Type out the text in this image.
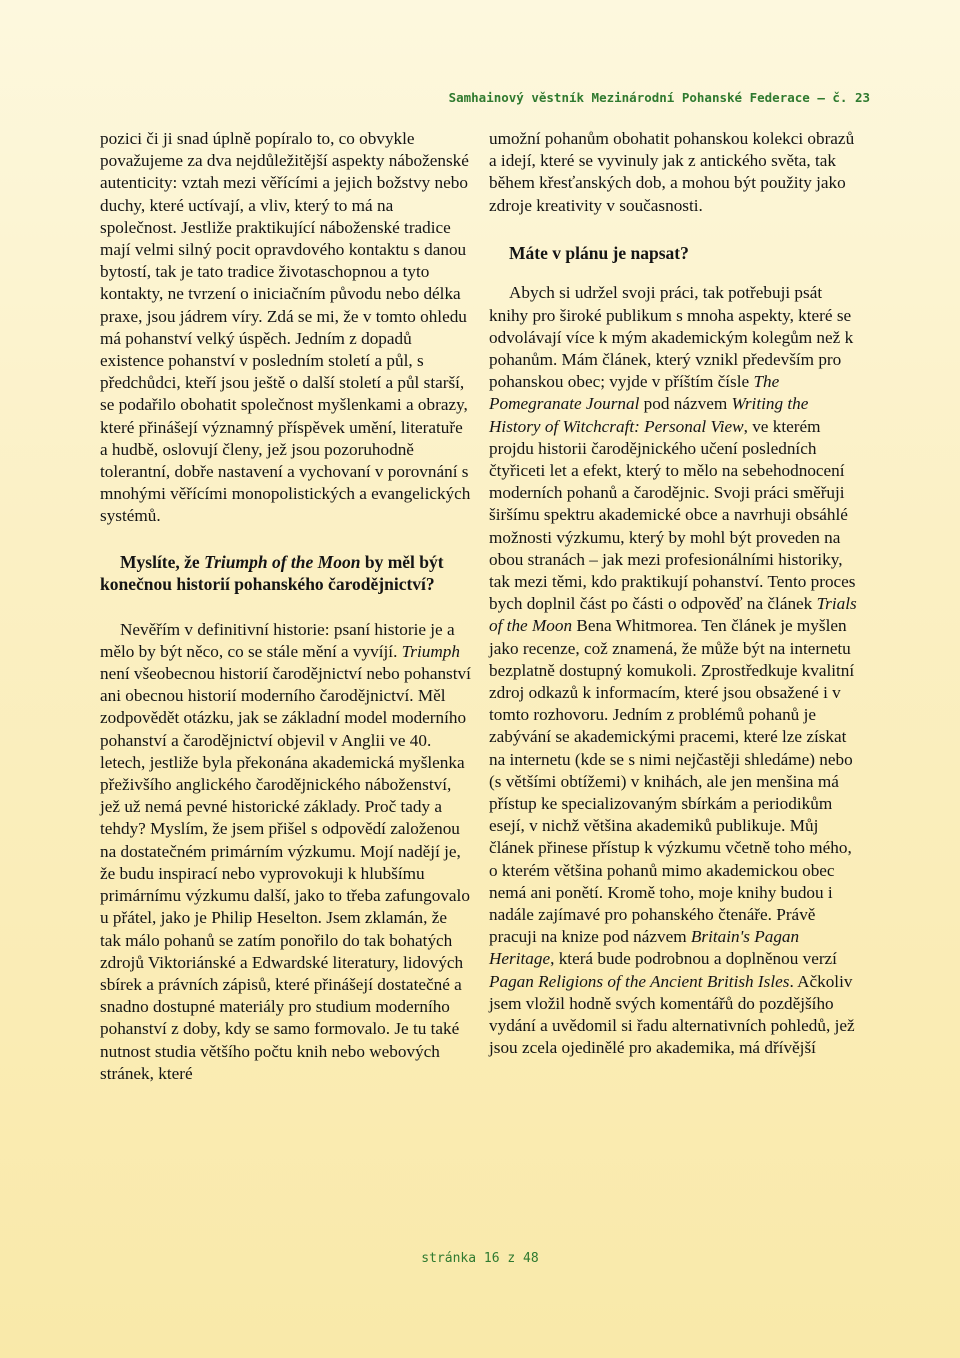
Samhainový věstník Mezinárodní Pohanské Federace – č. 23

pozici či ji snad úplně popíralo to, co obvykle považujeme za dva nejdůležitější aspekty náboženské autenticity: vztah mezi věřícími a jejich božstvy nebo duchy, které uctívají, a vliv, který to má na společnost. Jestliže praktikující náboženské tradice mají velmi silný pocit opravdového kontaktu s danou bytostí, tak je tato tradice životaschopnou a tyto kontakty, ne tvrzení o iniciačním původu nebo délka praxe, jsou jádrem víry. Zdá se mi, že v tomto ohledu má pohanství velký úspěch. Jedním z dopadů existence pohanství v posledním století a půl, s předchůdci, kteří jsou ještě o další století a půl starší, se podařilo obohatit společnost myšlenkami a obrazy, které přinášejí významný příspěvek umění, literatuře a hudbě, oslovují členy, jež jsou pozoruhodně tolerantní, dobře nastavení a vychovaní v porovnání s mnohými věřícími monopolistických a evangelických systémů.

Myslíte, že Triumph of the Moon by měl být konečnou historií pohanského čarodějnictví?

Nevěřím v definitivní historie: psaní historie je a mělo by být něco, co se stále mění a vyvíjí. Triumph není všeobecnou historií čarodějnictví nebo pohanství ani obecnou historií moderního čarodějnictví. Měl zodpovědět otázku, jak se základní model moderního pohanství a čarodějnictví objevil v Anglii ve 40. letech, jestliže byla překonána akademická myšlenka přeživšího anglického čarodějnického náboženství, jež už nemá pevné historické základy. Proč tady a tehdy? Myslím, že jsem přišel s odpovědí založenou na dostatečném primárním výzkumu. Mojí nadějí je, že budu inspirací nebo vyprovokuji k hlubšímu primárnímu výzkumu další, jako to třeba zafungovalo u přátel, jako je Philip Heselton. Jsem zklamán, že tak málo pohanů se zatím ponořilo do tak bohatých zdrojů Viktoriánské a Edwardské literatury, lidových sbírek a právních zápisů, které přinášejí dostatečné a snadno dostupné materiály pro studium moderního pohanství z doby, kdy se samo formovalo. Je tu také nutnost studia většího počtu knih nebo webových stránek, které

umožní pohanům obohatit pohanskou kolekci obrazů a idejí, které se vyvinuly jak z antického světa, tak během křesťanských dob, a mohou být použity jako zdroje kreativity v současnosti.

Máte v plánu je napsat?

Abych si udržel svoji práci, tak potřebuji psát knihy pro široké publikum s mnoha aspekty, které se odvolávají více k mým akademickým kolegům než k pohanům. Mám článek, který vznikl především pro pohanskou obec; vyjde v příštím čísle The Pomegranate Journal pod názvem Writing the History of Witchcraft: Personal View, ve kterém projdu historii čarodějnického učení posledních čtyřiceti let a efekt, který to mělo na sebehodnocení moderních pohanů a čarodějnic. Svoji práci směřuji širšímu spektru akademické obce a navrhuji obsáhlé možnosti výzkumu, který by mohl být proveden na obou stranách – jak mezi profesionálními historiky, tak mezi těmi, kdo praktikují pohanství. Tento proces bych doplnil část po části o odpověď na článek Trials of the Moon Bena Whitmorea. Ten článek je myšlen jako recenze, což znamená, že může být na internetu bezplatně dostupný komukoli. Zprostředkuje kvalitní zdroj odkazů k informacím, které jsou obsažené i v tomto rozhovoru. Jedním z problémů pohanů je zabývání se akademickými pracemi, které lze získat na internetu (kde se s nimi nejčastěji shledáme) nebo (s většími obtížemi) v knihách, ale jen menšina má přístup ke specializovaným sbírkám a periodikům esejí, v nichž většina akademiků publikuje. Můj článek přinese přístup k výzkumu včetně toho mého, o kterém většina pohanů mimo akademickou obec nemá ani ponětí. Kromě toho, moje knihy budou i nadále zajímavé pro pohanského čtenáře. Právě pracuji na knize pod názvem Britain's Pagan Heritage, která bude podrobnou a doplněnou verzí Pagan Religions of the Ancient British Isles. Ačkoliv jsem vložil hodně svých komentářů do pozdějšího vydání a uvědomil si řadu alternativních pohledů, jež jsou zcela ojedinělé pro akademika, má dřívější

stránka 16 z 48
